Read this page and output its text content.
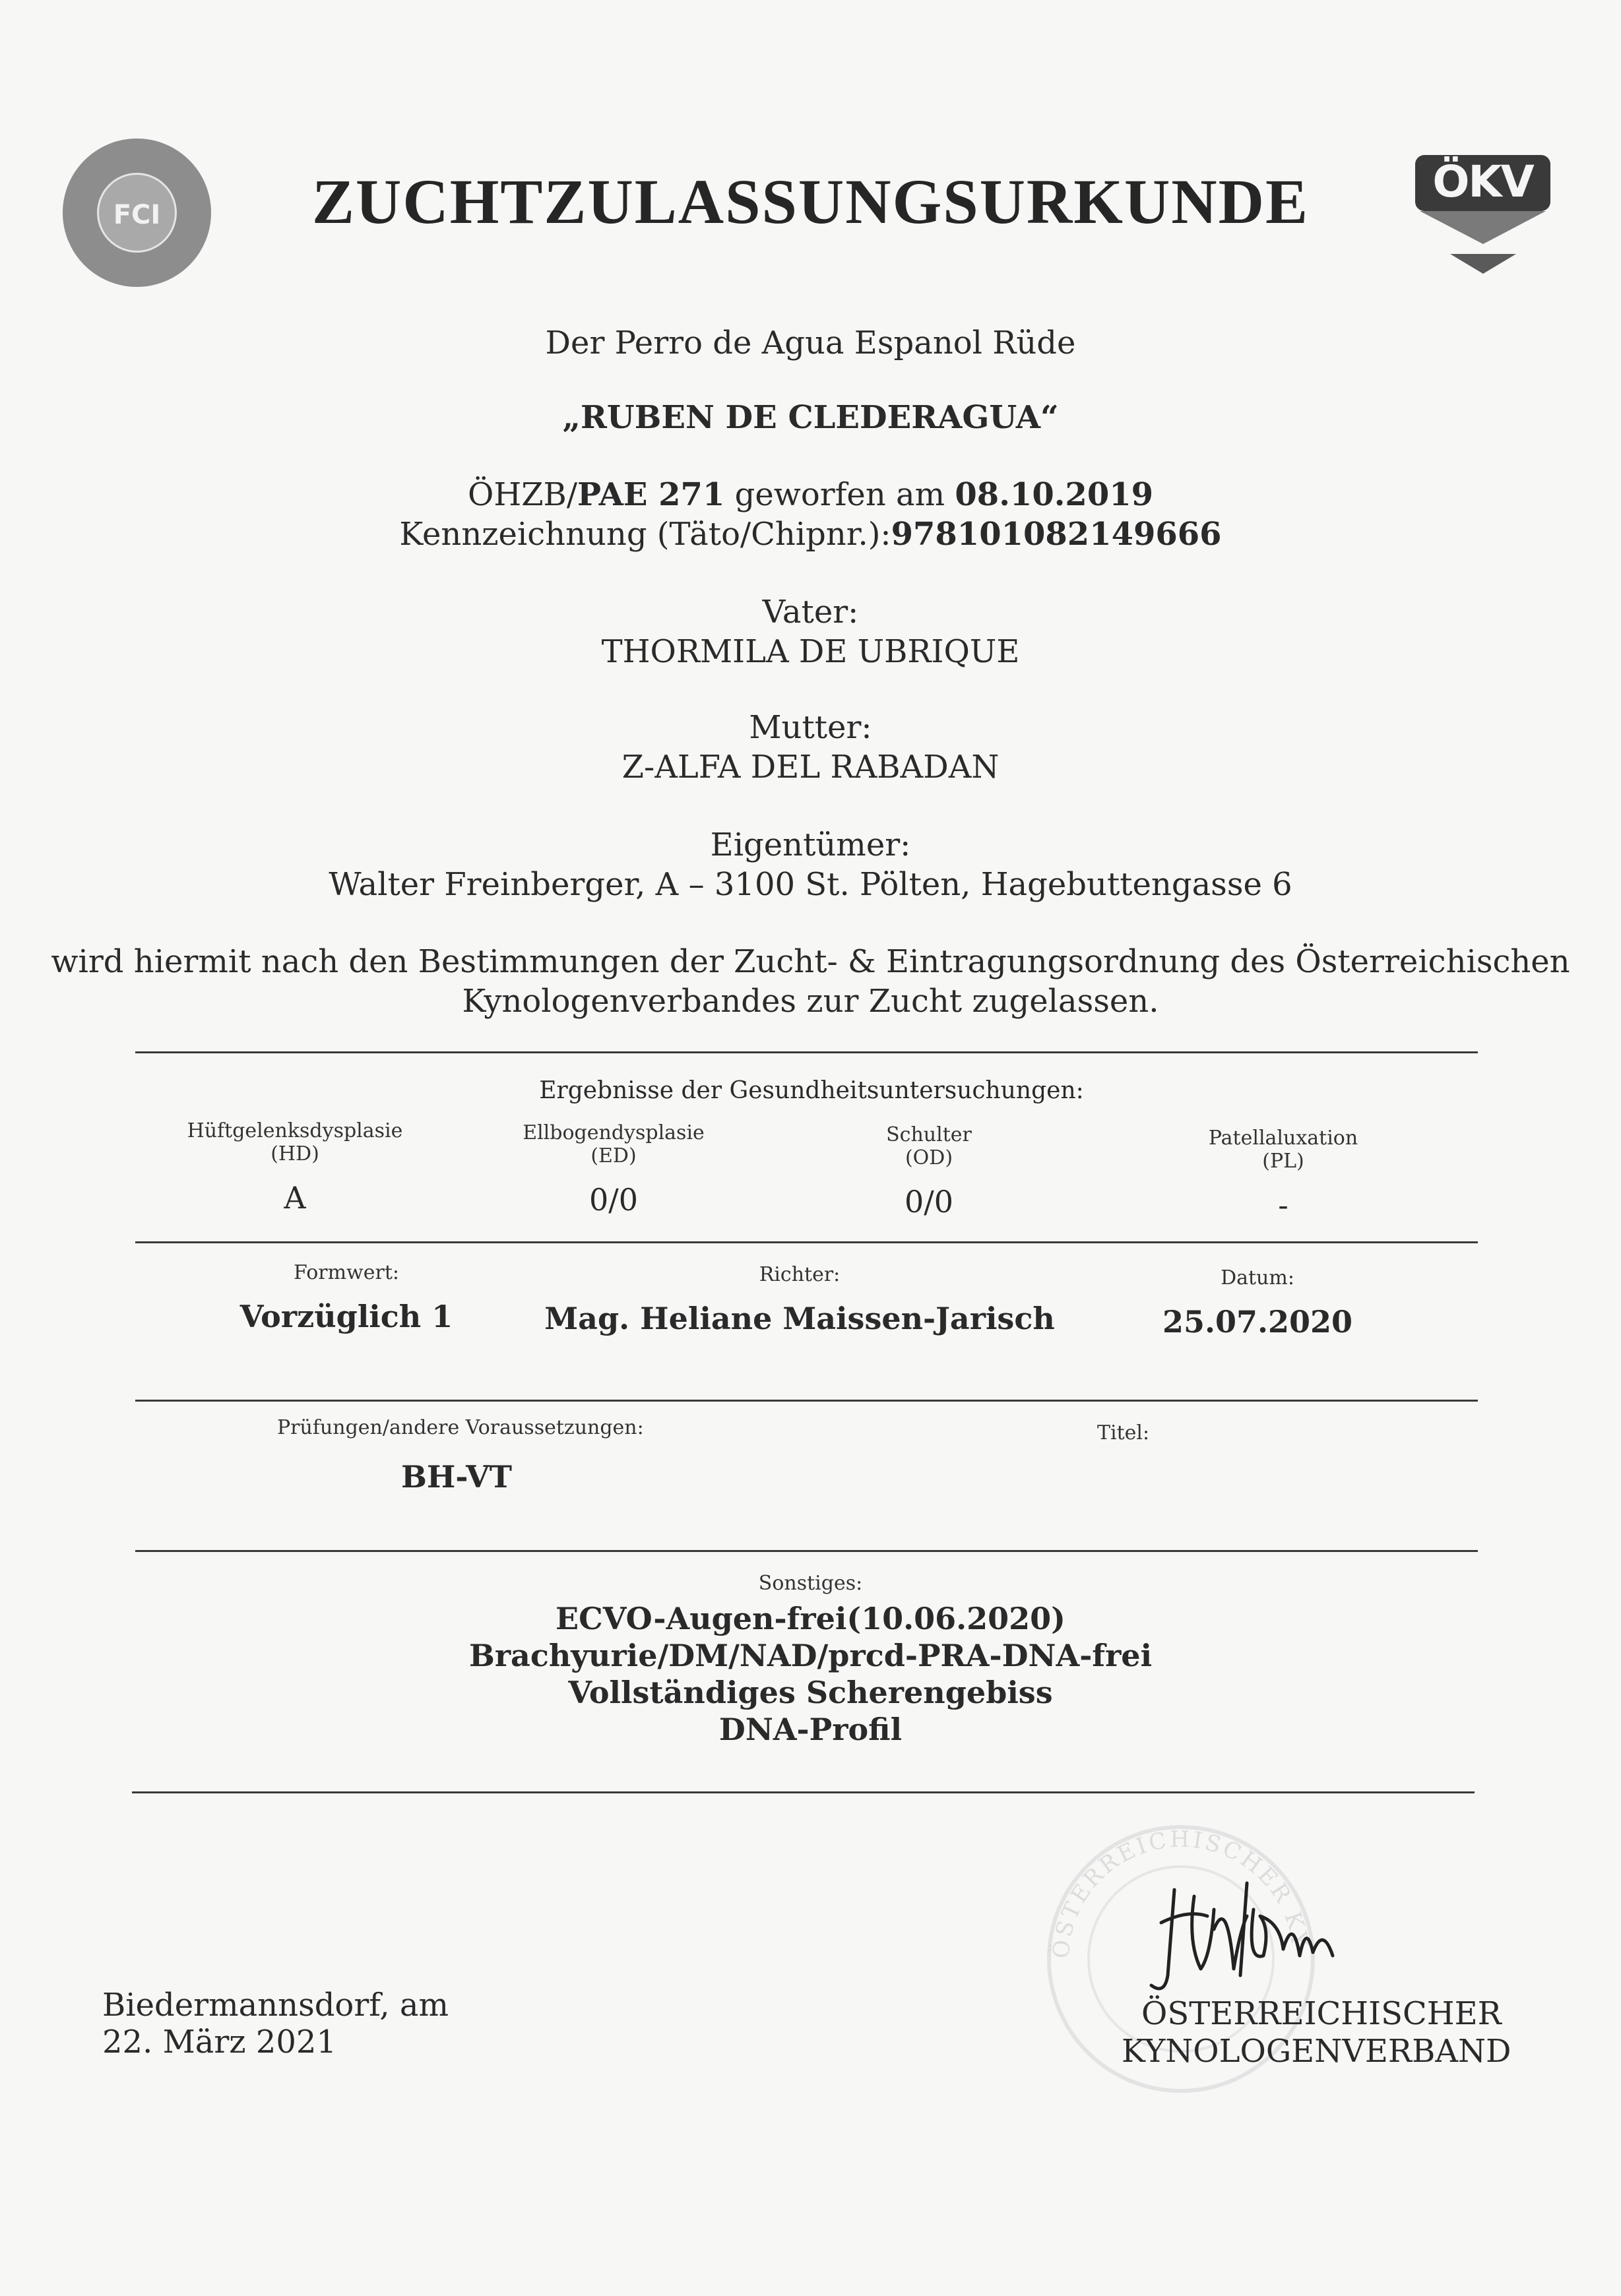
FCI
ÖKV
ZUCHTZULASSUNGSURKUNDE
Der Perro de Agua Espanol Rüde
„RUBEN DE CLEDERAGUA“
ÖHZB/PAE 271 geworfen am 08.10.2019
Kennzeichnung (Täto/Chipnr.):978101082149666
Vater:
THORMILA DE UBRIQUE
Mutter:
Z-ALFA DEL RABADAN
Eigentümer:
Walter Freinberger, A – 3100 St. Pölten, Hagebuttengasse 6
wird hiermit nach den Bestimmungen der Zucht- & Eintragungsordnung des Österreichischen
Kynologenverbandes zur Zucht zugelassen.
Ergebnisse der Gesundheitsuntersuchungen:
Hüftgelenksdysplasie
(HD)
A
Ellbogendysplasie
(ED)
0/0
Schulter
(OD)
0/0
Patellaluxation
(PL)
-
Formwert:
Vorzüglich 1
Richter:
Mag. Heliane Maissen-Jarisch
Datum:
25.07.2020
Prüfungen/andere Voraussetzungen:
BH-VT
Titel:
Sonstiges:
ECVO-Augen-frei(10.06.2020)
Brachyurie/DM/NAD/prcd-PRA-DNA-frei
Vollständiges Scherengebiss
DNA-Profil
ÖSTERREICHISCHER KY
Biedermannsdorf, am
22. März 2021
ÖSTERREICHISCHER
KYNOLOGENVERBAND
